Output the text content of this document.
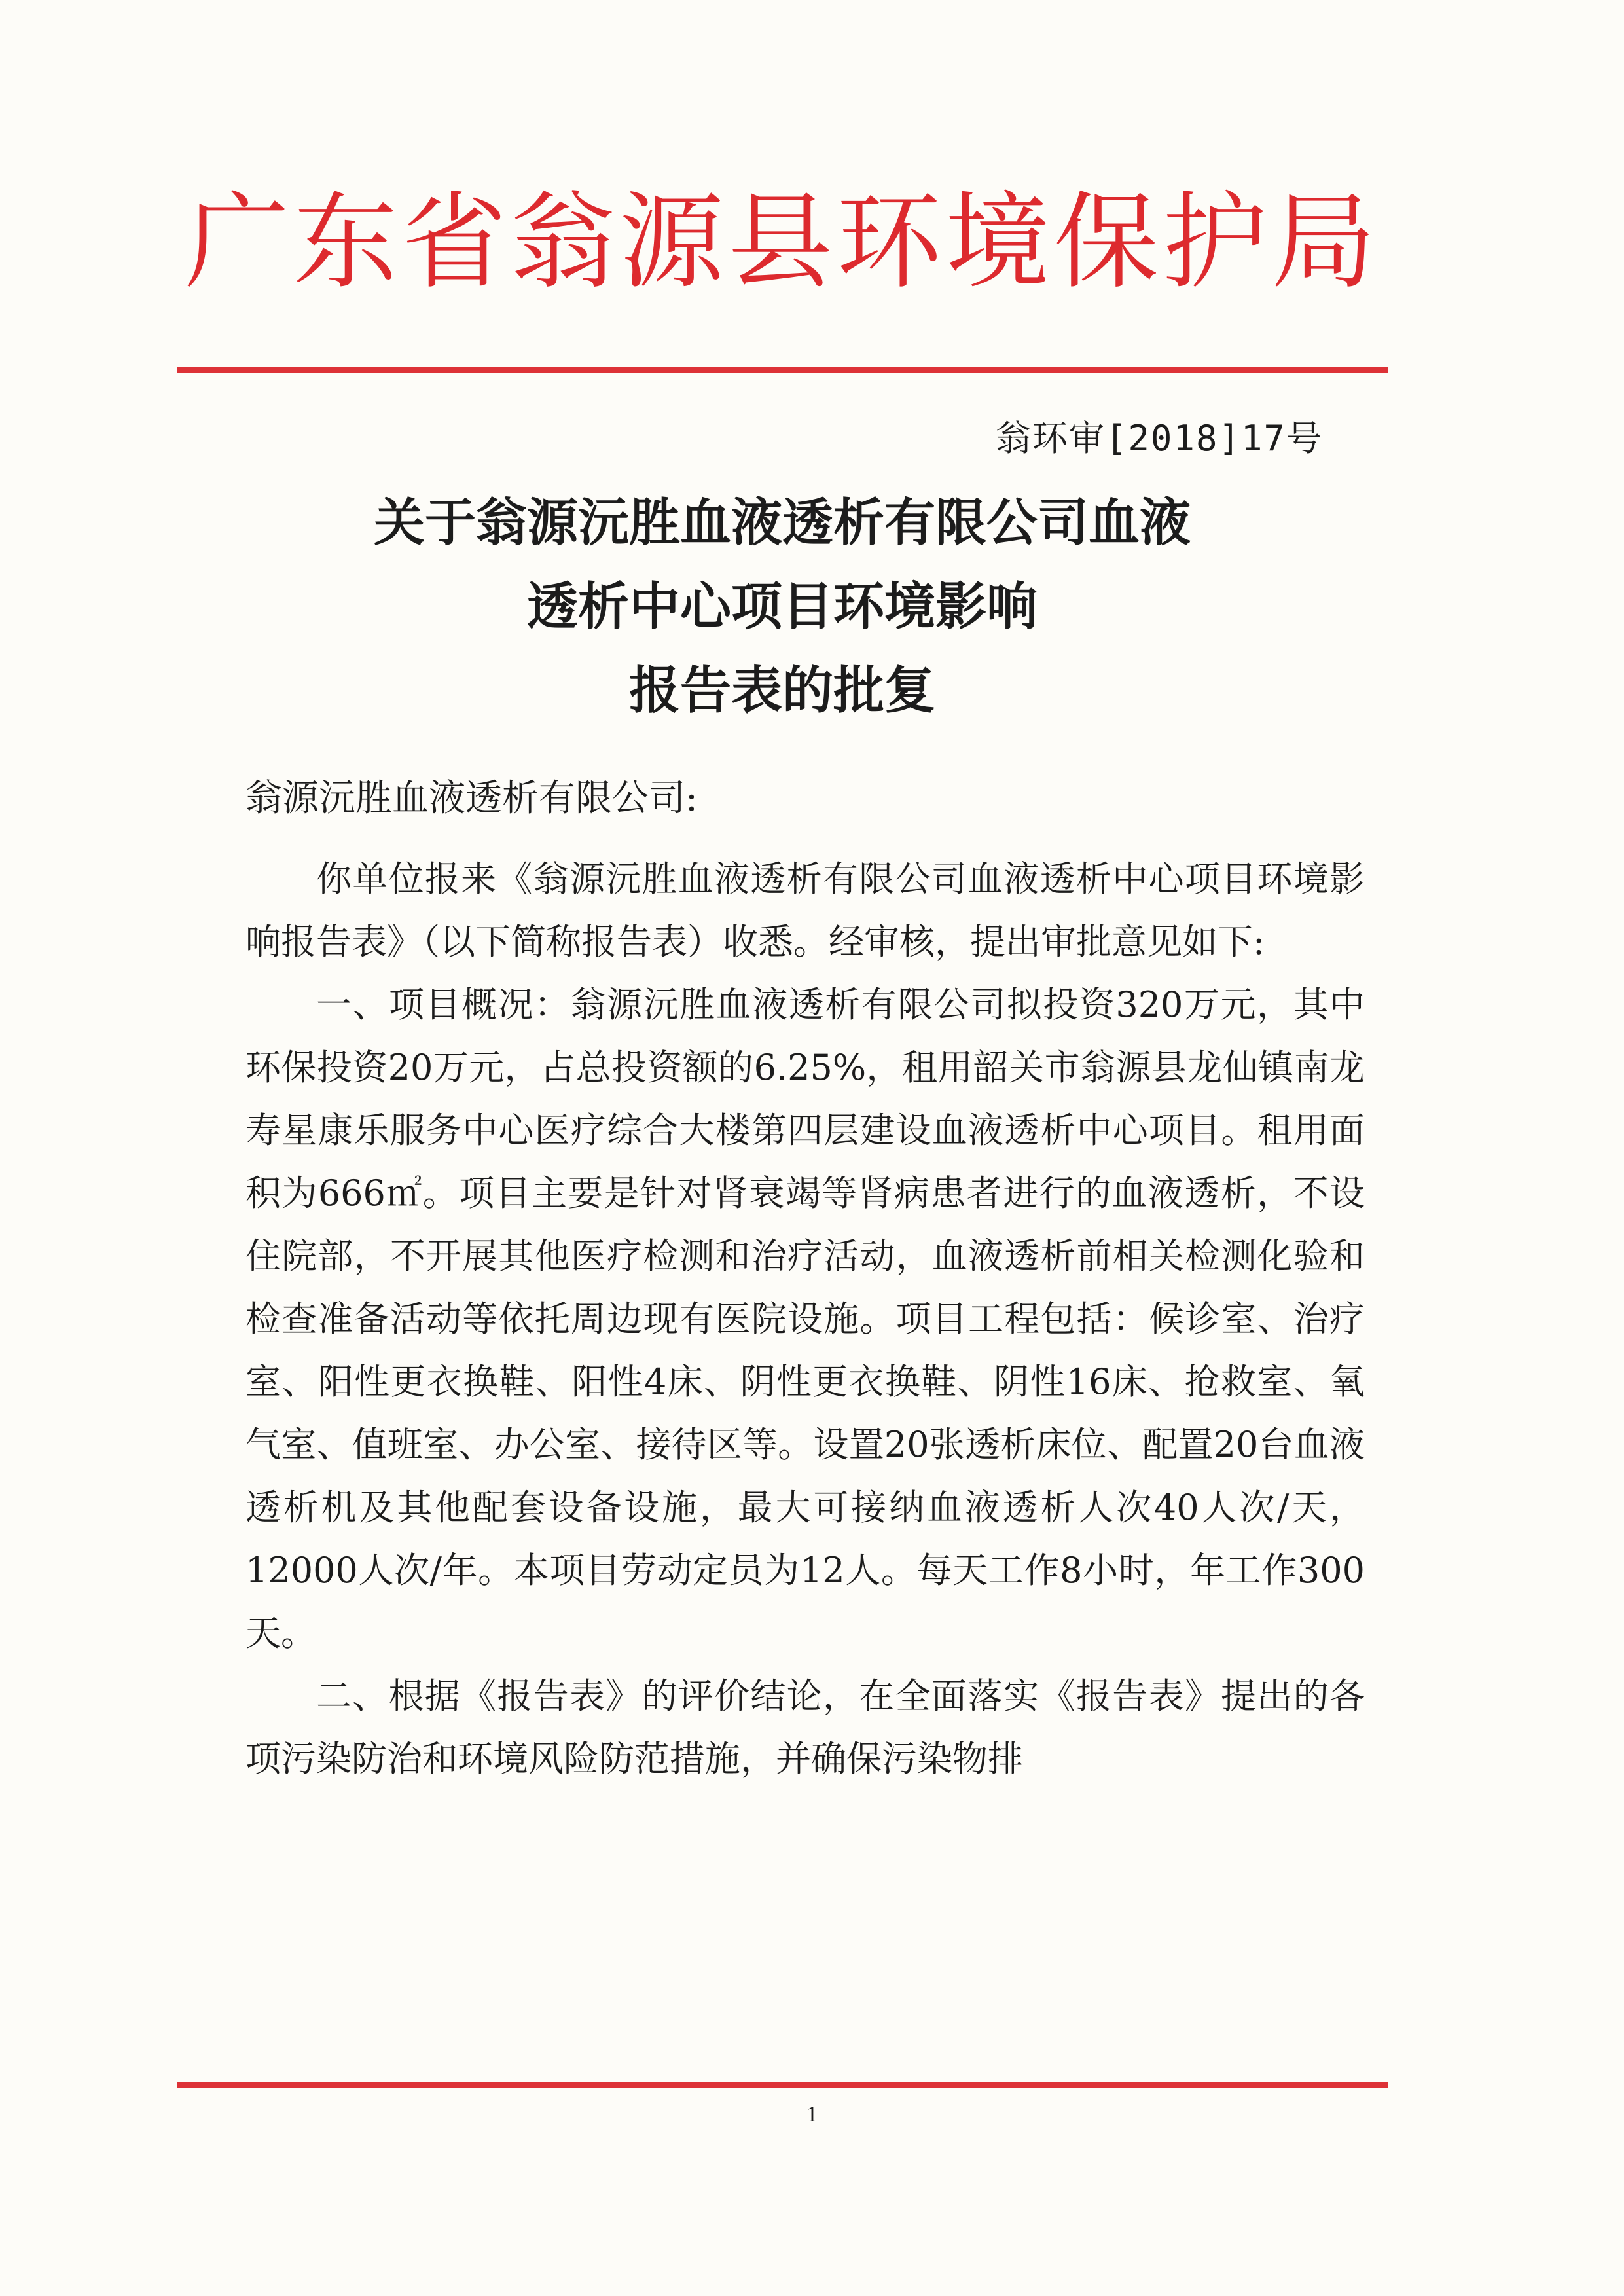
广东省翁源县环境保护局
翁环审[2018]17号
关于翁源沅胜血液透析有限公司血液
透析中心项目环境影响
报告表的批复
翁源沅胜血液透析有限公司:

你单位报来《翁源沅胜血液透析有限公司血液透析中心项目环境影响报告表》（以下简称报告表）收悉。经审核，提出审批意见如下:

一、项目概况：翁源沅胜血液透析有限公司拟投资320万元，其中环保投资20万元，占总投资额的6.25%，租用韶关市翁源县龙仙镇南龙寿星康乐服务中心医疗综合大楼第四层建设血液透析中心项目。租用面积为666㎡。项目主要是针对肾衰竭等肾病患者进行的血液透析，不设住院部，不开展其他医疗检测和治疗活动，血液透析前相关检测化验和检查准备活动等依托周边现有医院设施。项目工程包括：候诊室、治疗室、阳性更衣换鞋、阳性4床、阴性更衣换鞋、阴性16床、抢救室、氧气室、值班室、办公室、接待区等。设置20张透析床位、配置20台血液透析机及其他配套设备设施，最大可接纳血液透析人次40人次/天，12000人次/年。本项目劳动定员为12人。每天工作8小时，年工作300天。

二、根据《报告表》的评价结论，在全面落实《报告表》提出的各项污染防治和环境风险防范措施，并确保污染物排

1
